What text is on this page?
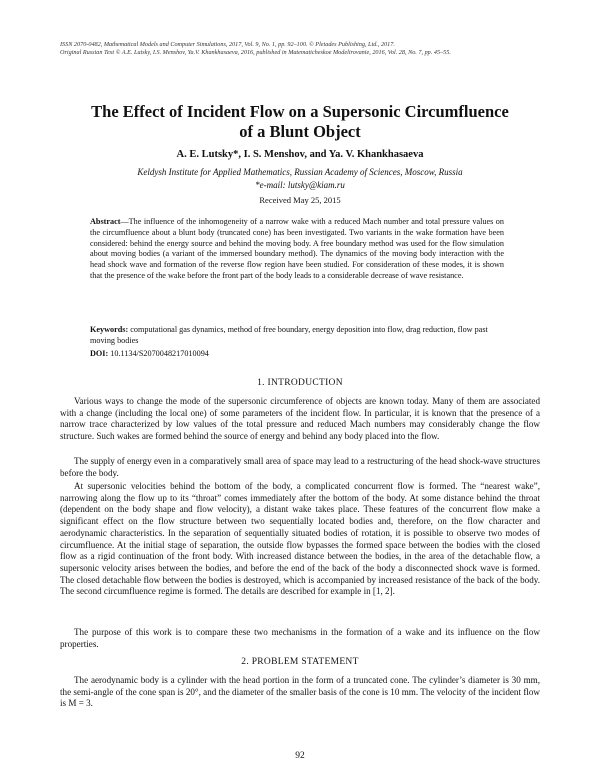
ISSN 2070-0482, Mathematical Models and Computer Simulations, 2017, Vol. 9, No. 1, pp. 92–100. © Pleiades Publishing, Ltd., 2017.
Original Russian Text © A.E. Lutsky, I.S. Menshov, Ya.V. Khankhasaeva, 2016, published in Matematicheskoe Modelirovanie, 2016, Vol. 28, No. 7, pp. 45–55.
The Effect of Incident Flow on a Supersonic Circumfluence
of a Blunt Object
A. E. Lutsky*, I. S. Menshov, and Ya. V. Khankhasaeva
Keldysh Institute for Applied Mathematics, Russian Academy of Sciences, Moscow, Russia
*e-mail: lutsky@kiam.ru
Received May 25, 2015
Abstract—The influence of the inhomogeneity of a narrow wake with a reduced Mach number and total pressure values on the circumfluence about a blunt body (truncated cone) has been investigated. Two variants in the wake formation have been considered: behind the energy source and behind the moving body. A free boundary method was used for the flow simulation about moving bodies (a variant of the immersed boundary method). The dynamics of the moving body interaction with the head shock wave and formation of the reverse flow region have been studied. For consideration of these modes, it is shown that the presence of the wake before the front part of the body leads to a considerable decrease of wave resistance.
Keywords: computational gas dynamics, method of free boundary, energy deposition into flow, drag reduction, flow past moving bodies
DOI: 10.1134/S2070048217010094
1. INTRODUCTION

Various ways to change the mode of the supersonic circumference of objects are known today. Many of them are associated with a change (including the local one) of some parameters of the incident flow. In particular, it is known that the presence of a narrow trace characterized by low values of the total pressure and reduced Mach numbers may considerably change the flow structure. Such wakes are formed behind the source of energy and behind any body placed into the flow.

The supply of energy even in a comparatively small area of space may lead to a restructuring of the head shock-wave structures before the body.

At supersonic velocities behind the bottom of the body, a complicated concurrent flow is formed. The “nearest wake”, narrowing along the flow up to its “throat” comes immediately after the bottom of the body. At some distance behind the throat (dependent on the body shape and flow velocity), a distant wake takes place. These features of the concurrent flow make a significant effect on the flow structure between two sequentially located bodies and, therefore, on the flow character and aerodynamic characteristics. In the separation of sequentially situated bodies of rotation, it is possible to observe two modes of circumfluence. At the initial stage of separation, the outside flow bypasses the formed space between the bodies with the closed flow as a rigid continuation of the front body. With increased distance between the bodies, in the area of the detachable flow, a supersonic velocity arises between the bodies, and before the end of the back of the body a disconnected shock wave is formed. The closed detachable flow between the bodies is destroyed, which is accompanied by increased resistance of the back of the body. The second circumfluence regime is formed. The details are described for example in [1, 2].

The purpose of this work is to compare these two mechanisms in the formation of a wake and its influence on the flow properties.

2. PROBLEM STATEMENT

The aerodynamic body is a cylinder with the head portion in the form of a truncated cone. The cylinder’s diameter is 30 mm, the semi-angle of the cone span is 20°, and the diameter of the smaller basis of the cone is 10 mm. The velocity of the incident flow is M = 3.

92
